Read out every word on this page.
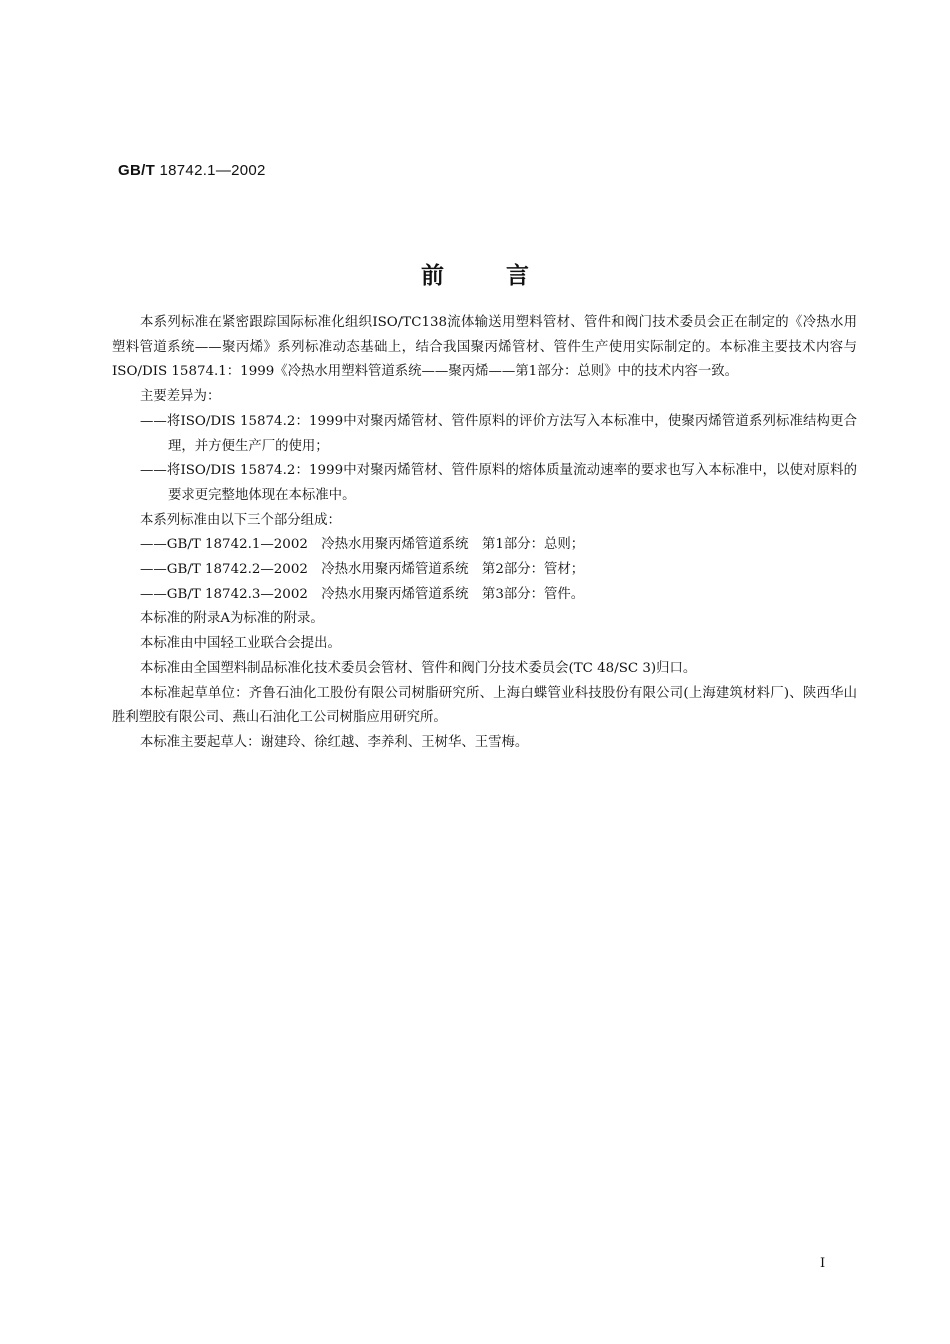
GB/T 18742.1—2002
前言

本系列标准在紧密跟踪国际标准化组织ISO/TC138流体输送用塑料管材、管件和阀门技术委员会正在制定的《冷热水用塑料管道系统——聚丙烯》系列标准动态基础上，结合我国聚丙烯管材、管件生产使用实际制定的。本标准主要技术内容与ISO/DIS 15874.1：1999《冷热水用塑料管道系统——聚丙烯——第1部分：总则》中的技术内容一致。

主要差异为：

——将ISO/DIS 15874.2：1999中对聚丙烯管材、管件原料的评价方法写入本标准中，使聚丙烯管道系列标准结构更合理，并方便生产厂的使用；

——将ISO/DIS 15874.2：1999中对聚丙烯管材、管件原料的熔体质量流动速率的要求也写入本标准中，以使对原料的要求更完整地体现在本标准中。

本系列标准由以下三个部分组成：

——GB/T 18742.1—2002　冷热水用聚丙烯管道系统　第1部分：总则；

——GB/T 18742.2—2002　冷热水用聚丙烯管道系统　第2部分：管材；

——GB/T 18742.3—2002　冷热水用聚丙烯管道系统　第3部分：管件。

本标准的附录A为标准的附录。

本标准由中国轻工业联合会提出。

本标准由全国塑料制品标准化技术委员会管材、管件和阀门分技术委员会(TC 48/SC 3)归口。

本标准起草单位：齐鲁石油化工股份有限公司树脂研究所、上海白蝶管业科技股份有限公司(上海建筑材料厂)、陕西华山胜利塑胶有限公司、燕山石油化工公司树脂应用研究所。

本标准主要起草人：谢建玲、徐红越、李养利、王树华、王雪梅。

I
